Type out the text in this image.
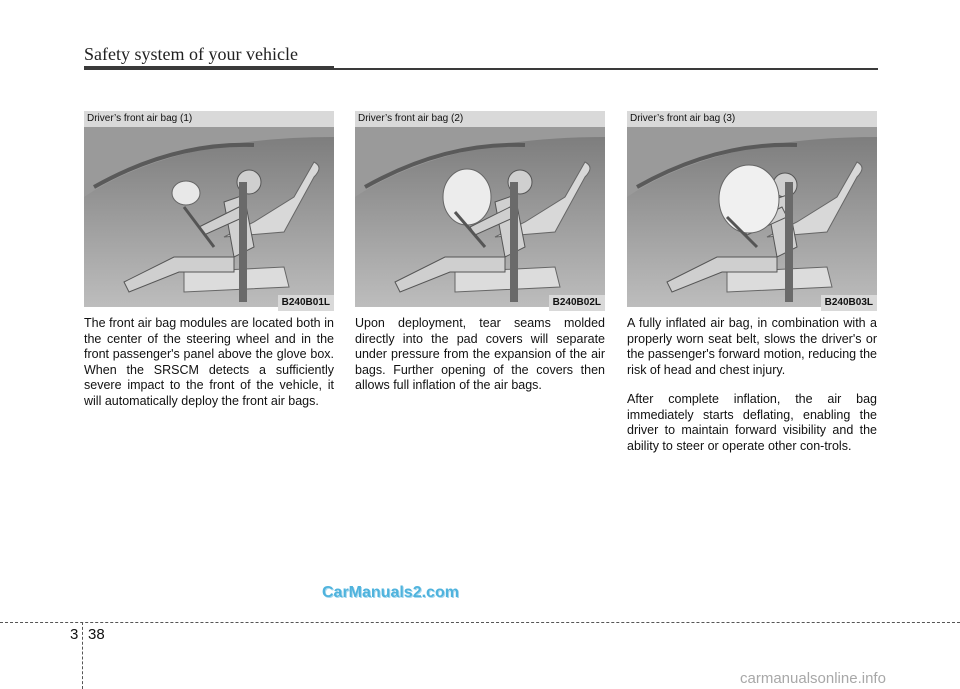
Safety system of your vehicle
Driver’s front air bag (1)
B240B01L
Driver’s front air bag (2)
B240B02L
Driver’s front air bag (3)
B240B03L

The front air bag modules are located both in the center of the steering wheel and in the front passenger's panel above the glove box. When the SRSCM detects a sufficiently severe impact to the front of the vehicle, it will automatically deploy the front air bags.

Upon deployment, tear seams molded directly into the pad covers will separate under pressure from the expansion of the air bags. Further opening of the covers then allows full inflation of the air bags.

A fully inflated air bag, in combination with a properly worn seat belt, slows the driver's or the passenger's forward motion, reducing the risk of head and chest injury.

After complete inflation, the air bag immediately starts deflating, enabling the driver to maintain forward visibility and the ability to steer or operate other con-trols.

CarManuals2.com
3 38
carmanualsonline.info
